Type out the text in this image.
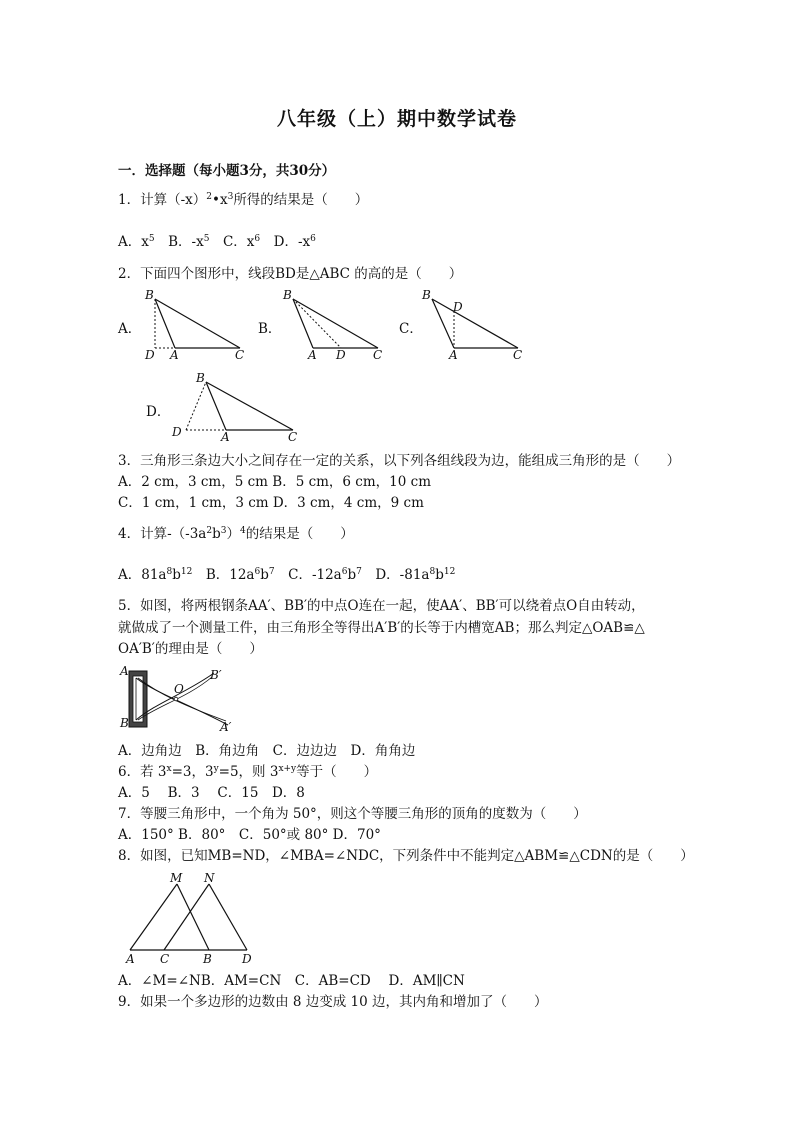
八年级（上）期中数学试卷
一．选择题（每小题3分，共30分）
1．计算$(-x)^2•x^3$所得的结果是（　　）
A．$x^5$　B．$-x^5$　C．$x^6$　D．$-x^6$
2．下面四个图形中，线段BD是△ABC 的高的是（　　）
A．
B
D A	C
B．
B
A D C
C．
B
D
A	C
D．
B
D	A	C
3．三角形三条边大小之间存在一定的关系，以下列各组线段为边，能组成三角形的是（　　）
A．2 cm，3 cm，5 cm B．5 cm，6 cm，10 cm
C．1 cm，1 cm，3 cm D．3 cm，4 cm，9 cm
4．计算$-(-3a^2b^3)^4$的结果是（　　）
A．$81a^8b^{12}$　B．$12a^6b^7$　C．$-12a^6b^7$　D．$-81a^8b^{12}$
5．如图，将两根钢条AA′、BB′的中点O连在一起，使AA′、BB′可以绕着点O自由转动，
就做成了一个测量工件，由三角形全等得出A′B′的长等于内槽宽AB；那么判定△OAB≌△
OA′B′的理由是（　　）
A
B
O
B′
A′
A．边角边　B．角边角　C．边边边　D．角角边
6．若 $3^x=3$，$3^y=5$，则 $3^{x+y}$等于（　　）
A．5　 B．3　 C．15　D．8
7．等腰三角形中，一个角为 50°，则这个等腰三角形的顶角的度数为（　　）
A．150° B．80°　C．50°或 80° D．70°
8．如图，已知MB=ND，∠MBA=∠NDC，下列条件中不能判定△ABM≌△CDN的是（　　）
M N
A C	B	D
A．∠M=∠NB．AM=CN　C．AB=CD　 D．AM∥CN
9．如果一个多边形的边数由 8 边变成 10 边，其内角和增加了（　　）
